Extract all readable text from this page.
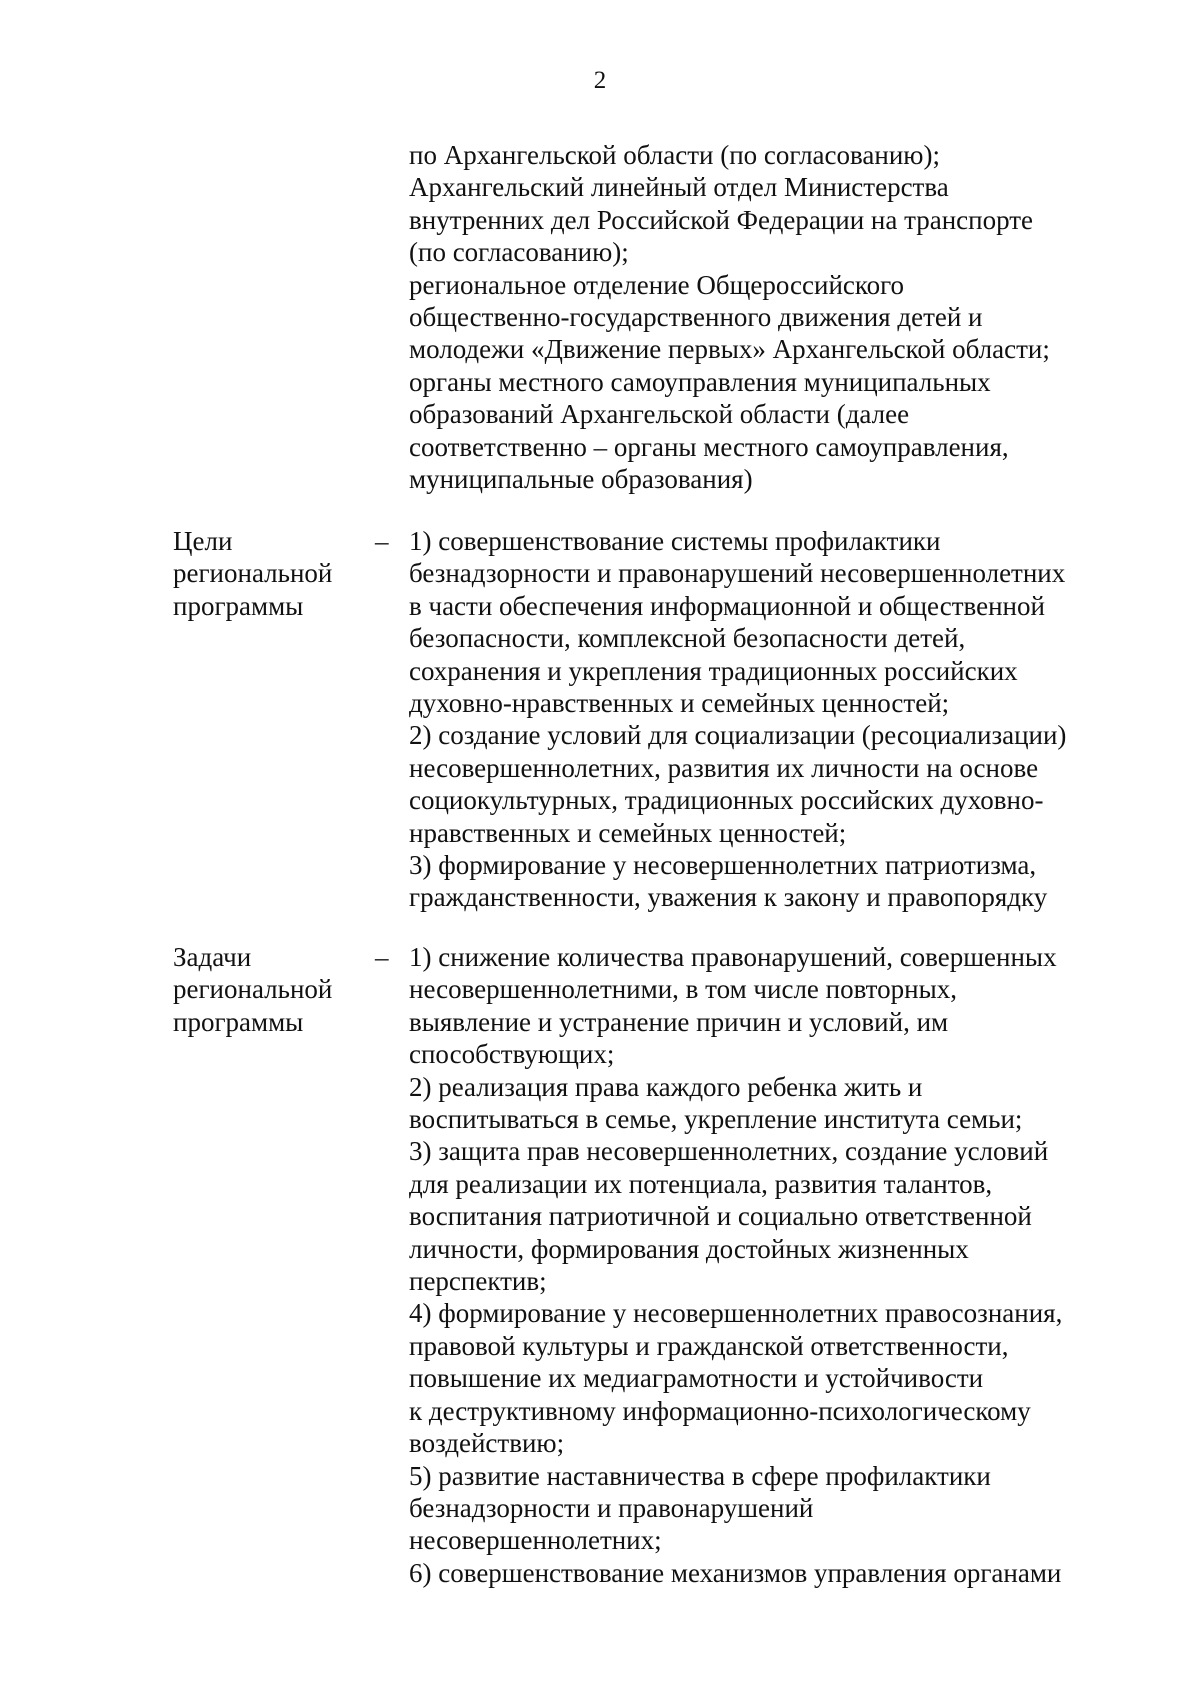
2
по Архангельской области (по согласованию);
Архангельский линейный отдел Министерства
внутренних дел Российской Федерации на транспорте
(по согласованию);
региональное отделение Общероссийского
общественно-государственного движения детей и
молодежи «Движение первых» Архангельской области;
органы местного самоуправления муниципальных
образований Архангельской области (далее
соответственно – органы местного самоуправления,
муниципальные образования)
Цели
региональной
программы
– 1) совершенствование системы профилактики
безнадзорности и правонарушений несовершеннолетних
в части обеспечения информационной и общественной
безопасности, комплексной безопасности детей,
сохранения и укрепления традиционных российских
духовно-нравственных и семейных ценностей;
2) создание условий для социализации (ресоциализации)
несовершеннолетних, развития их личности на основе
социокультурных, традиционных российских духовно-
нравственных и семейных ценностей;
3) формирование у несовершеннолетних патриотизма,
гражданственности, уважения к закону и правопорядку
Задачи
региональной
программы
– 1) снижение количества правонарушений, совершенных
несовершеннолетними, в том числе повторных,
выявление и устранение причин и условий, им
способствующих;
2) реализация права каждого ребенка жить и
воспитываться в семье, укрепление института семьи;
3) защита прав несовершеннолетних, создание условий
для реализации их потенциала, развития талантов,
воспитания патриотичной и социально ответственной
личности, формирования достойных жизненных
перспектив;
4) формирование у несовершеннолетних правосознания,
правовой культуры и гражданской ответственности,
повышение их медиаграмотности и устойчивости
к деструктивному информационно-психологическому
воздействию;
5) развитие наставничества в сфере профилактики
безнадзорности и правонарушений
несовершеннолетних;
6) совершенствование механизмов управления органами
